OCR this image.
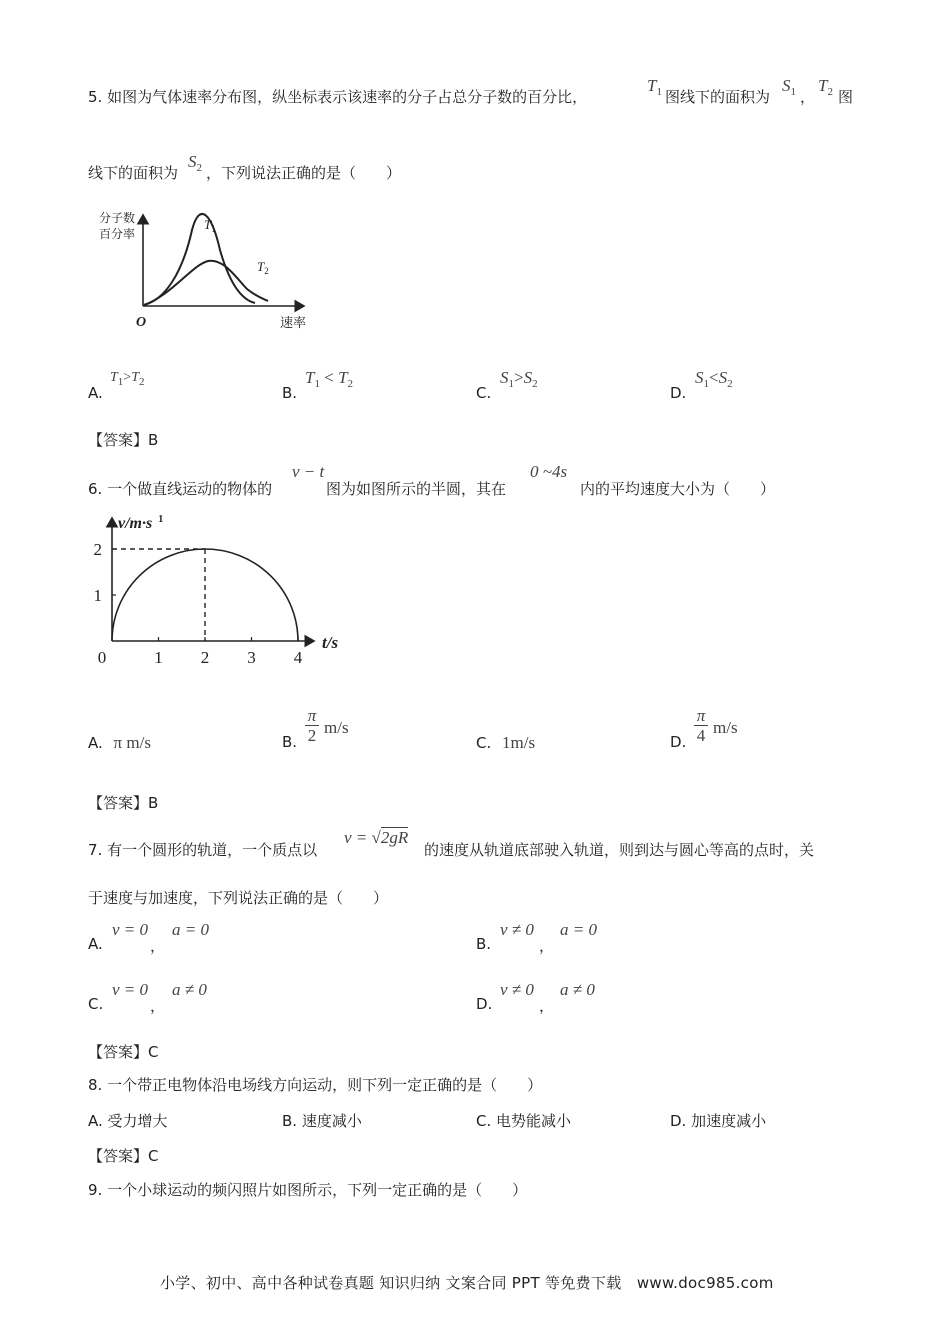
5. 如图为气体速率分布图，纵坐标表示该速率的分子占总分子数的百分比，
$T_1$ 图线下的面积为
$S_1$ ，
$T_2$ 图
线下的面积为
$S_2$ ，下列说法正确的是（　　）
分子数
百分率
$T_1$
$T_2$
O	速率
A.
$T_1>T_2$
B.
$T_1 < T_2$	C.
$S_1>S_2$	D.
$S_1<S_2$
【答案】B
6. 一个做直线运动的物体的
v − t
图为如图所示的半圆，其在
0 ~4s
内的平均速度大小为（　　）
0	1 2 3 4
1
2
v/m·s $^1$
t/s
A. π m/s	B.
π
2 m/s
C. 1m/s	D.
π
4 m/s
【答案】B
7. 有一个圆形的轨道，一个质点以
v = √2gR
的速度从轨道底部驶入轨道，则到达与圆心等高的点时，关
于速度与加速度，下列说法正确的是（　　）
A.
v = 0
，
a = 0
B.
v ≠ 0
，
a = 0
C.
v = 0
，
a ≠ 0
D.
v ≠ 0
，
a ≠ 0
【答案】C
8. 一个带正电物体沿电场线方向运动，则下列一定正确的是（　　）
A. 受力增大	B. 速度减小	C. 电势能减小	D. 加速度减小
【答案】C
9. 一个小球运动的频闪照片如图所示，下列一定正确的是（　　）
小学、初中、高中各种试卷真题 知识归纳 文案合同 PPT 等免费下载　www.doc985.com
